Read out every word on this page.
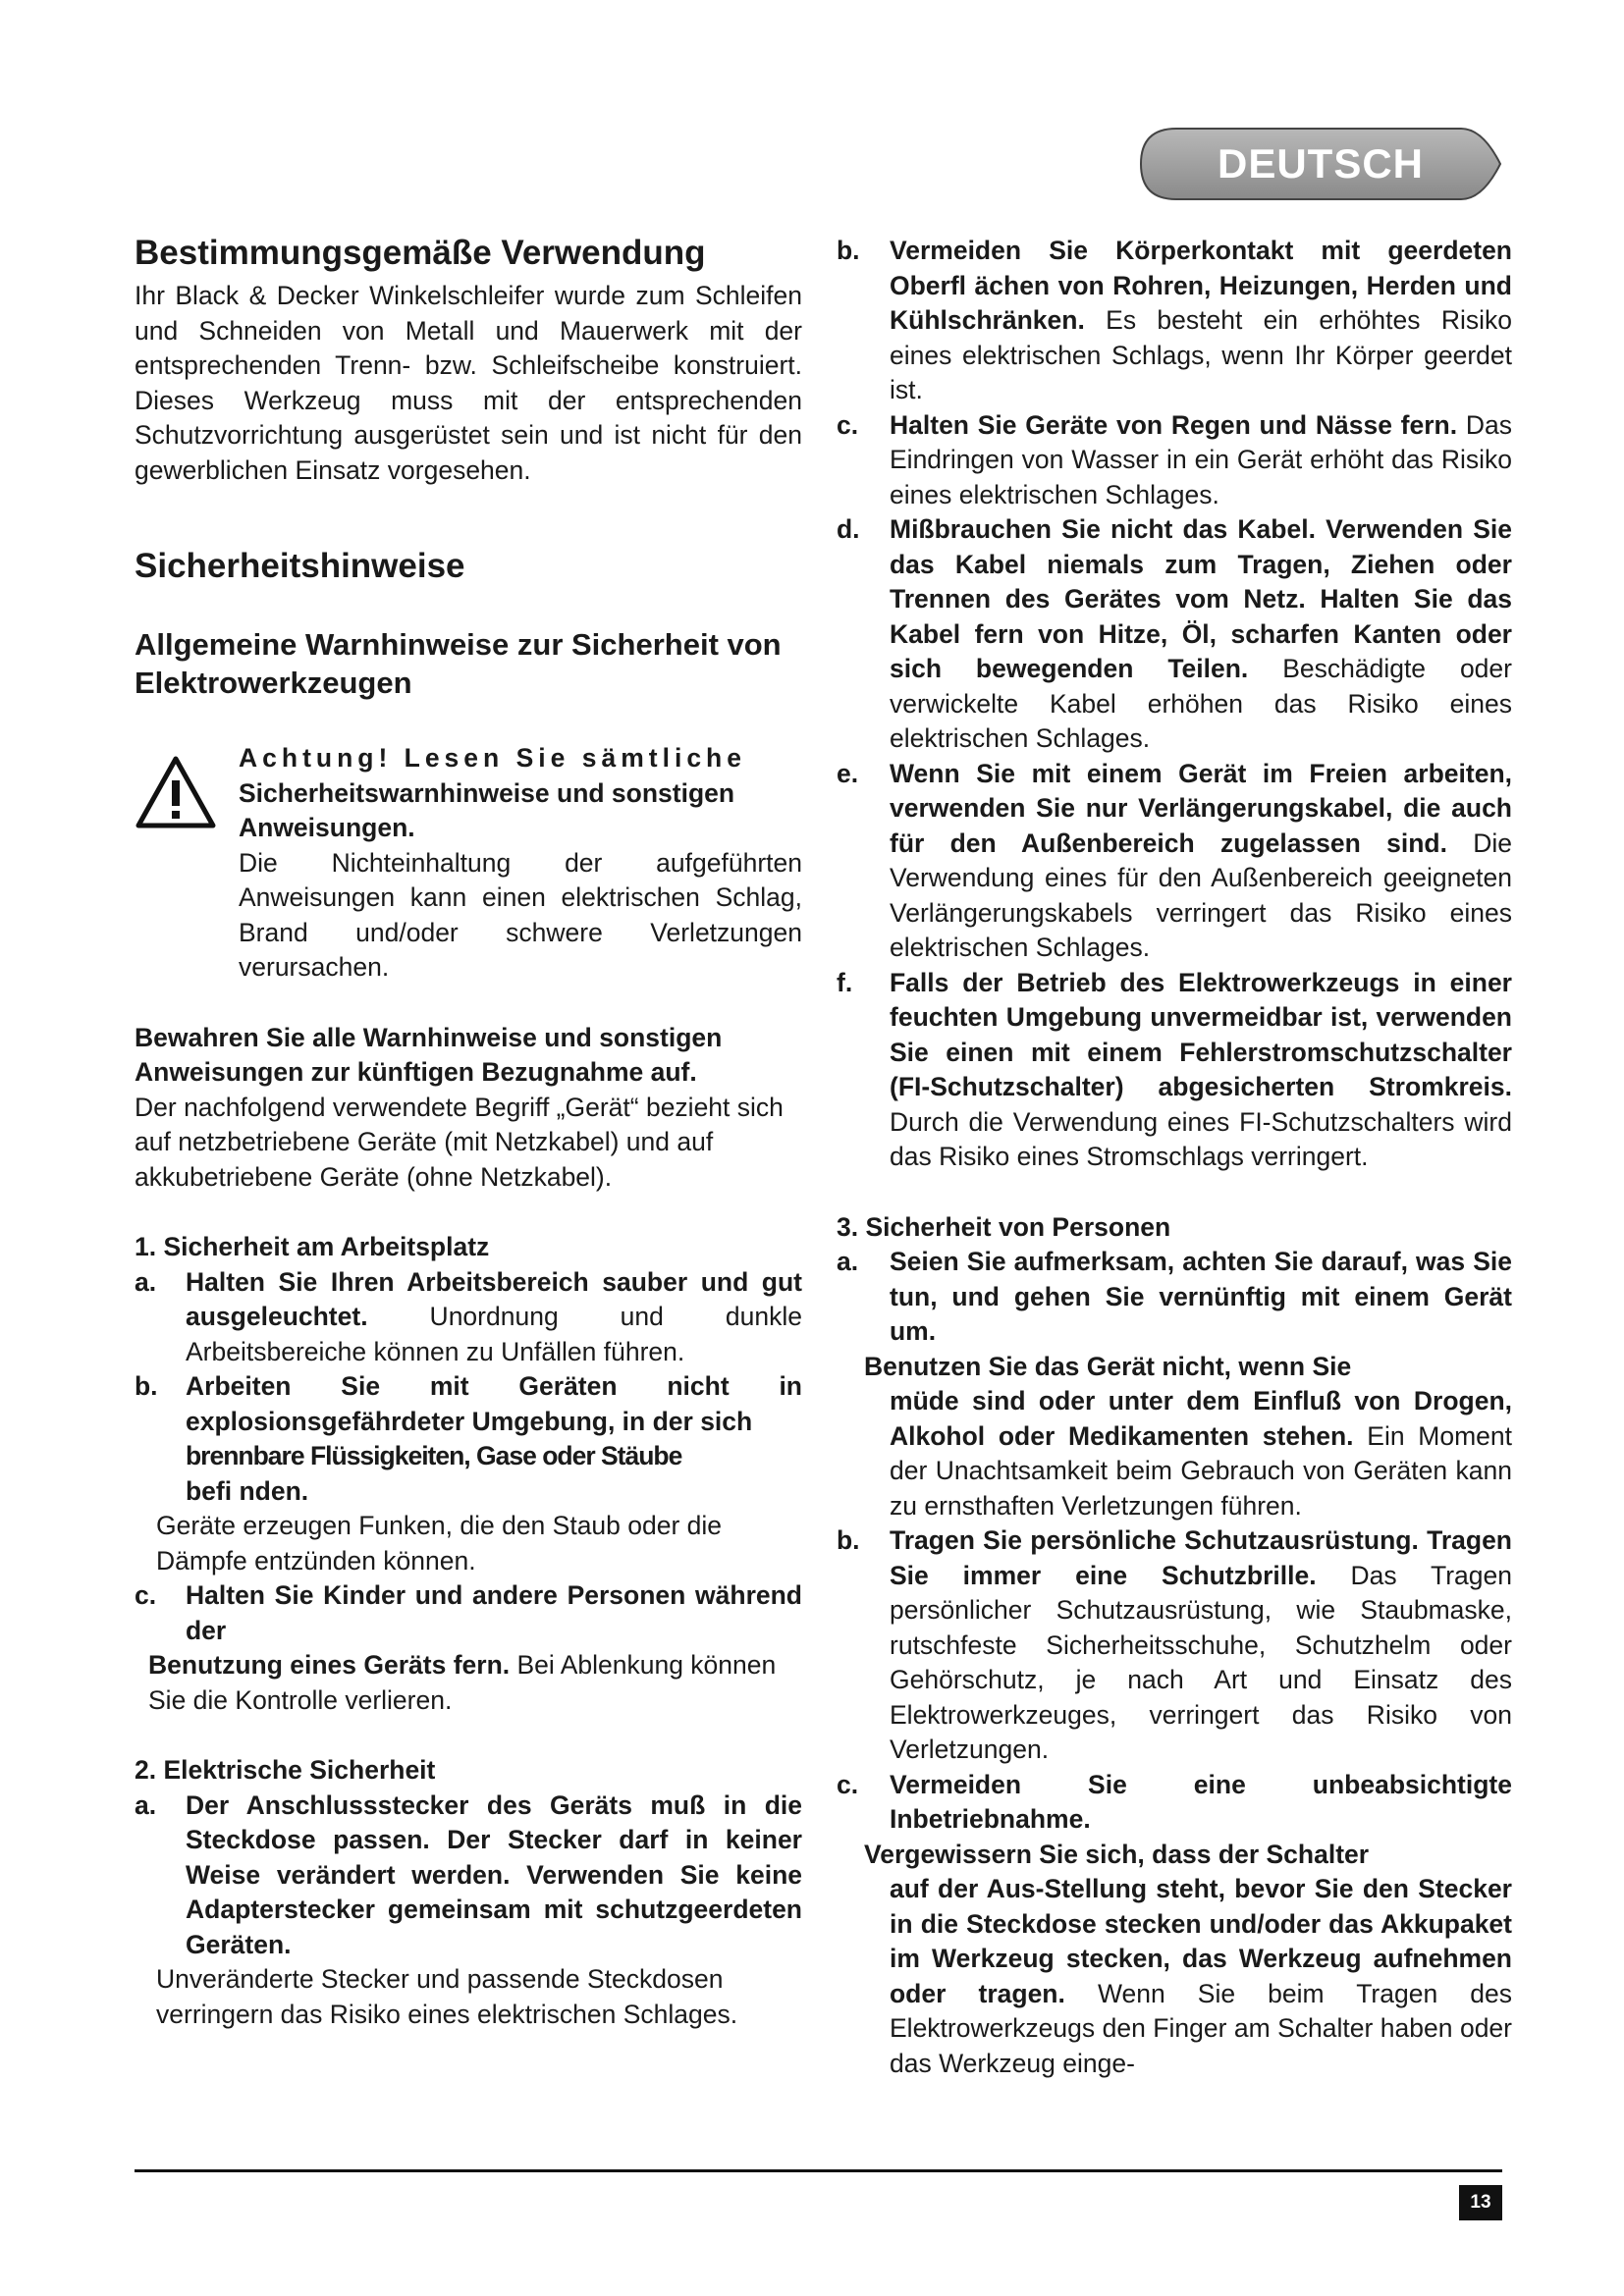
DEUTSCH
Bestimmungsgemäße Verwendung

Ihr Black & Decker Winkelschleifer wurde zum Schleifen und Schneiden von Metall und Mauerwerk mit der entsprechenden Trenn- bzw. Schleifscheibe konstruiert. Dieses Werkzeug muss mit der entsprechenden Schutzvorrichtung ausgerüstet sein und ist nicht für den gewerblichen Einsatz vorgesehen.

Sicherheitshinweise
Allgemeine Warnhinweise zur Sicherheit von Elektrowerkzeugen

Achtung! Lesen Sie sämtliche

Sicherheitswarnhinweise und sonstigen Anweisungen.

Die Nichteinhaltung der aufgeführten Anweisungen kann einen elektrischen Schlag, Brand und/oder schwere Verletzungen verursachen.

Bewahren Sie alle Warnhinweise und sonstigen Anweisungen zur künftigen Bezugnahme auf.

Der nachfolgend verwendete Begriff „Gerät“ bezieht sich auf netzbetriebene Geräte (mit Netzkabel) und auf akkubetriebene Geräte (ohne Netzkabel).

1. Sicherheit am Arbeitsplatz

a. Halten Sie Ihren Arbeitsbereich sauber und gut ausgeleuchtet. Unordnung und dunkle Arbeitsbereiche können zu Unfällen führen.
b. Arbeiten Sie mit Geräten nicht in explosionsgefährdeter Umgebung, in der sich
brennbare Flüssigkeiten, Gase oder Stäube
befi nden.

Geräte erzeugen Funken, die den Staub oder die Dämpfe entzünden können.

c. Halten Sie Kinder und andere Personen während der

Benutzung eines Geräts fern. Bei Ablenkung können Sie die Kontrolle verlieren.

2. Elektrische Sicherheit

a. Der Anschlussstecker des Geräts muß in die Steckdose passen. Der Stecker darf in keiner Weise verändert werden. Verwenden Sie keine Adapterstecker gemeinsam mit schutzgeerdeten Geräten.

Unveränderte Stecker und passende Steckdosen verringern das Risiko eines elektrischen Schlages.

b. Vermeiden Sie Körperkontakt mit geerdeten Oberfl ächen von Rohren, Heizungen, Herden und Kühlschränken. Es besteht ein erhöhtes Risiko eines elektrischen Schlags, wenn Ihr Körper geerdet ist.
c. Halten Sie Geräte von Regen und Nässe fern. Das Eindringen von Wasser in ein Gerät erhöht das Risiko eines elektrischen Schlages.
d. Mißbrauchen Sie nicht das Kabel. Verwenden Sie das Kabel niemals zum Tragen, Ziehen oder Trennen des Gerätes vom Netz. Halten Sie das Kabel fern von Hitze, Öl, scharfen Kanten oder sich bewegenden Teilen. Beschädigte oder verwickelte Kabel erhöhen das Risiko eines elektrischen Schlages.
e. Wenn Sie mit einem Gerät im Freien arbeiten, verwenden Sie nur Verlängerungskabel, die auch für den Außenbereich zugelassen sind. Die Verwendung eines für den Außenbereich geeigneten Verlängerungskabels verringert das Risiko eines elektrischen Schlages.
f. Falls der Betrieb des Elektrowerkzeugs in einer feuchten Umgebung unvermeidbar ist, verwenden Sie einen mit einem Fehlerstromschutzschalter (FI-Schutzschalter) abgesicherten Stromkreis. Durch die Verwendung eines FI-Schutzschalters wird das Risiko eines Stromschlags verringert.

3. Sicherheit von Personen

a. Seien Sie aufmerksam, achten Sie darauf, was Sie tun, und gehen Sie vernünftig mit einem Gerät um.

Benutzen Sie das Gerät nicht, wenn Sie

müde sind oder unter dem Einfluß von Drogen, Alkohol oder Medikamenten stehen. Ein Moment der Unachtsamkeit beim Gebrauch von Geräten kann zu ernsthaften Verletzungen führen.
b. Tragen Sie persönliche Schutzausrüstung. Tragen Sie immer eine Schutzbrille. Das Tragen persönlicher Schutzausrüstung, wie Staubmaske, rutschfeste Sicherheitsschuhe, Schutzhelm oder Gehörschutz, je nach Art und Einsatz des Elektrowerkzeuges, verringert das Risiko von Verletzungen.
c. Vermeiden Sie eine unbeabsichtigte Inbetriebnahme.

Vergewissern Sie sich, dass der Schalter

auf der Aus-Stellung steht, bevor Sie den Stecker in die Steckdose stecken und/oder das Akkupaket im Werkzeug stecken, das Werkzeug aufnehmen oder tragen. Wenn Sie beim Tragen des Elektrowerkzeugs den Finger am Schalter haben oder das Werkzeug einge-
13
